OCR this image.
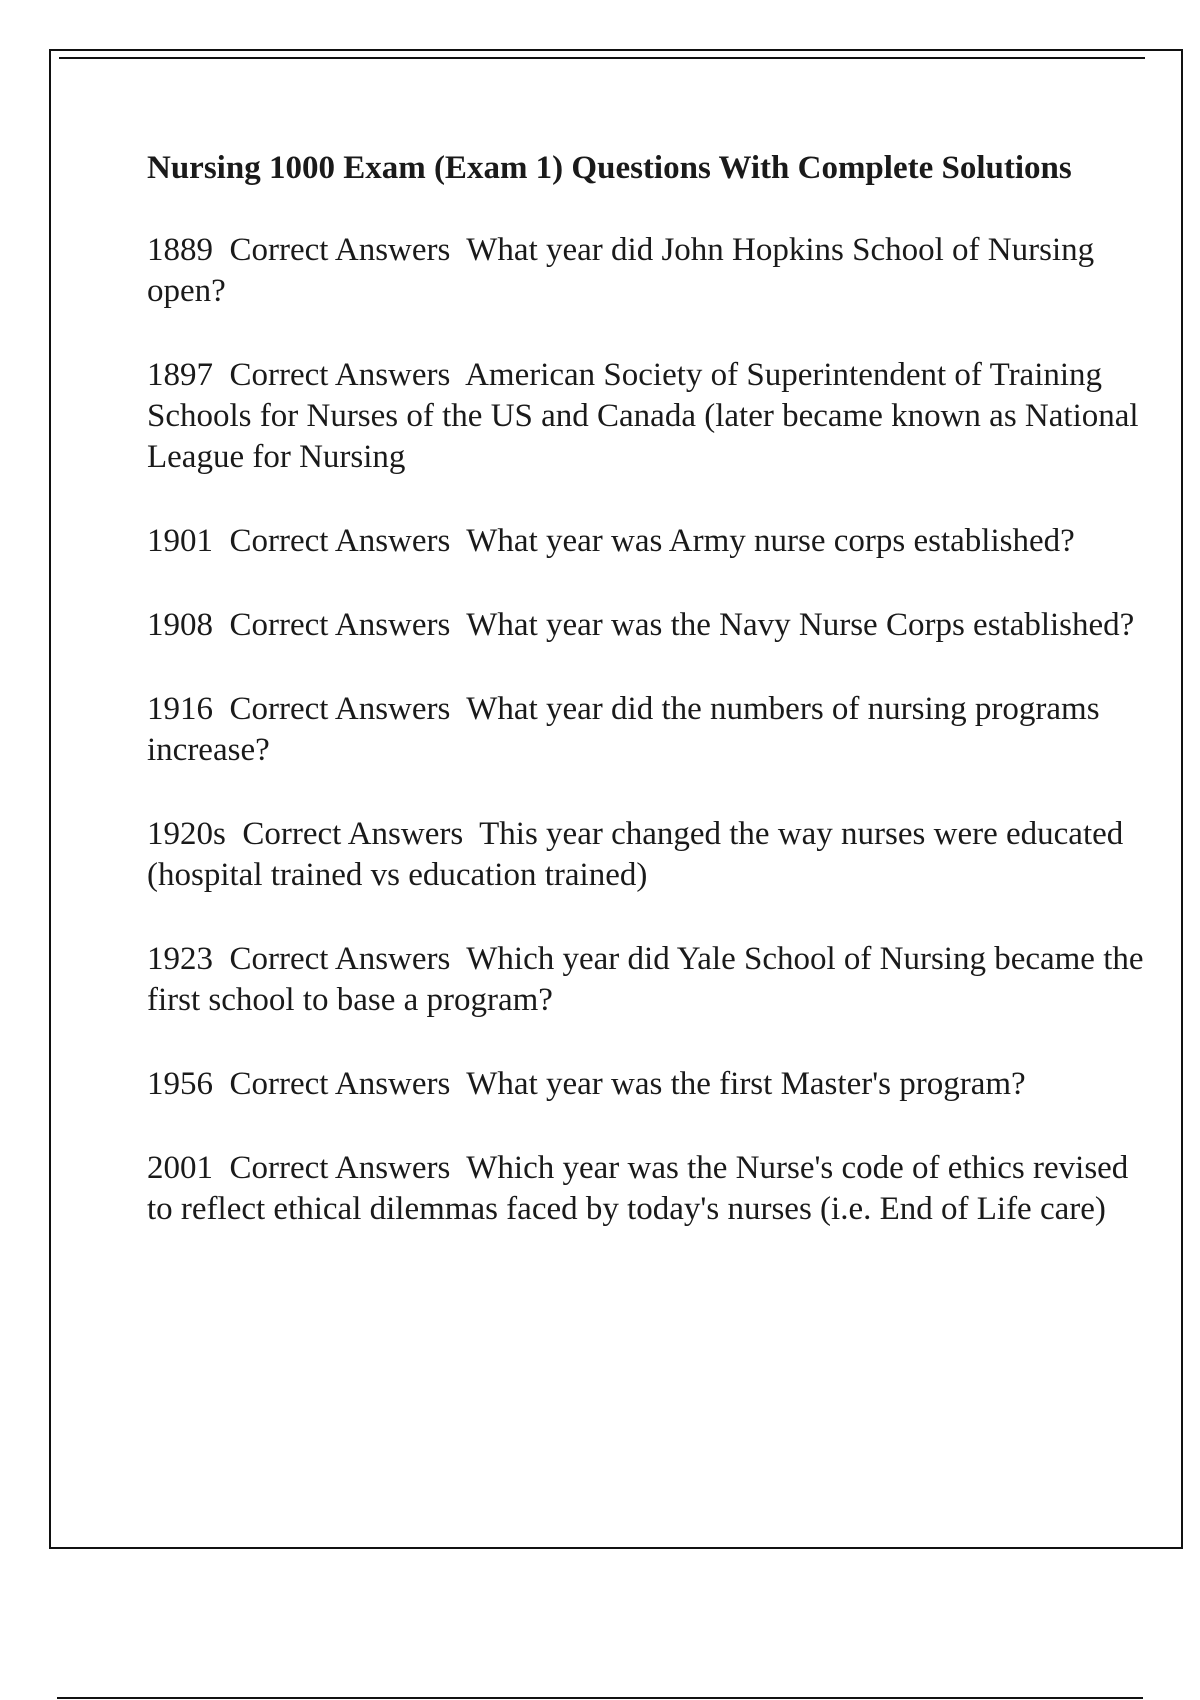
Nursing 1000 Exam (Exam 1) Questions With Complete Solutions
1889 Correct Answers What year did John Hopkins School of Nursing open?
1897 Correct Answers American Society of Superintendent of Training Schools for Nurses of the US and Canada (later became known as National League for Nursing
1901 Correct Answers What year was Army nurse corps established?
1908 Correct Answers What year was the Navy Nurse Corps established?
1916 Correct Answers What year did the numbers of nursing programs increase?
1920s Correct Answers This year changed the way nurses were educated (hospital trained vs education trained)
1923 Correct Answers Which year did Yale School of Nursing became the first school to base a program?
1956 Correct Answers What year was the first Master's program?
2001 Correct Answers Which year was the Nurse's code of ethics revised to reflect ethical dilemmas faced by today's nurses (i.e. End of Life care)
